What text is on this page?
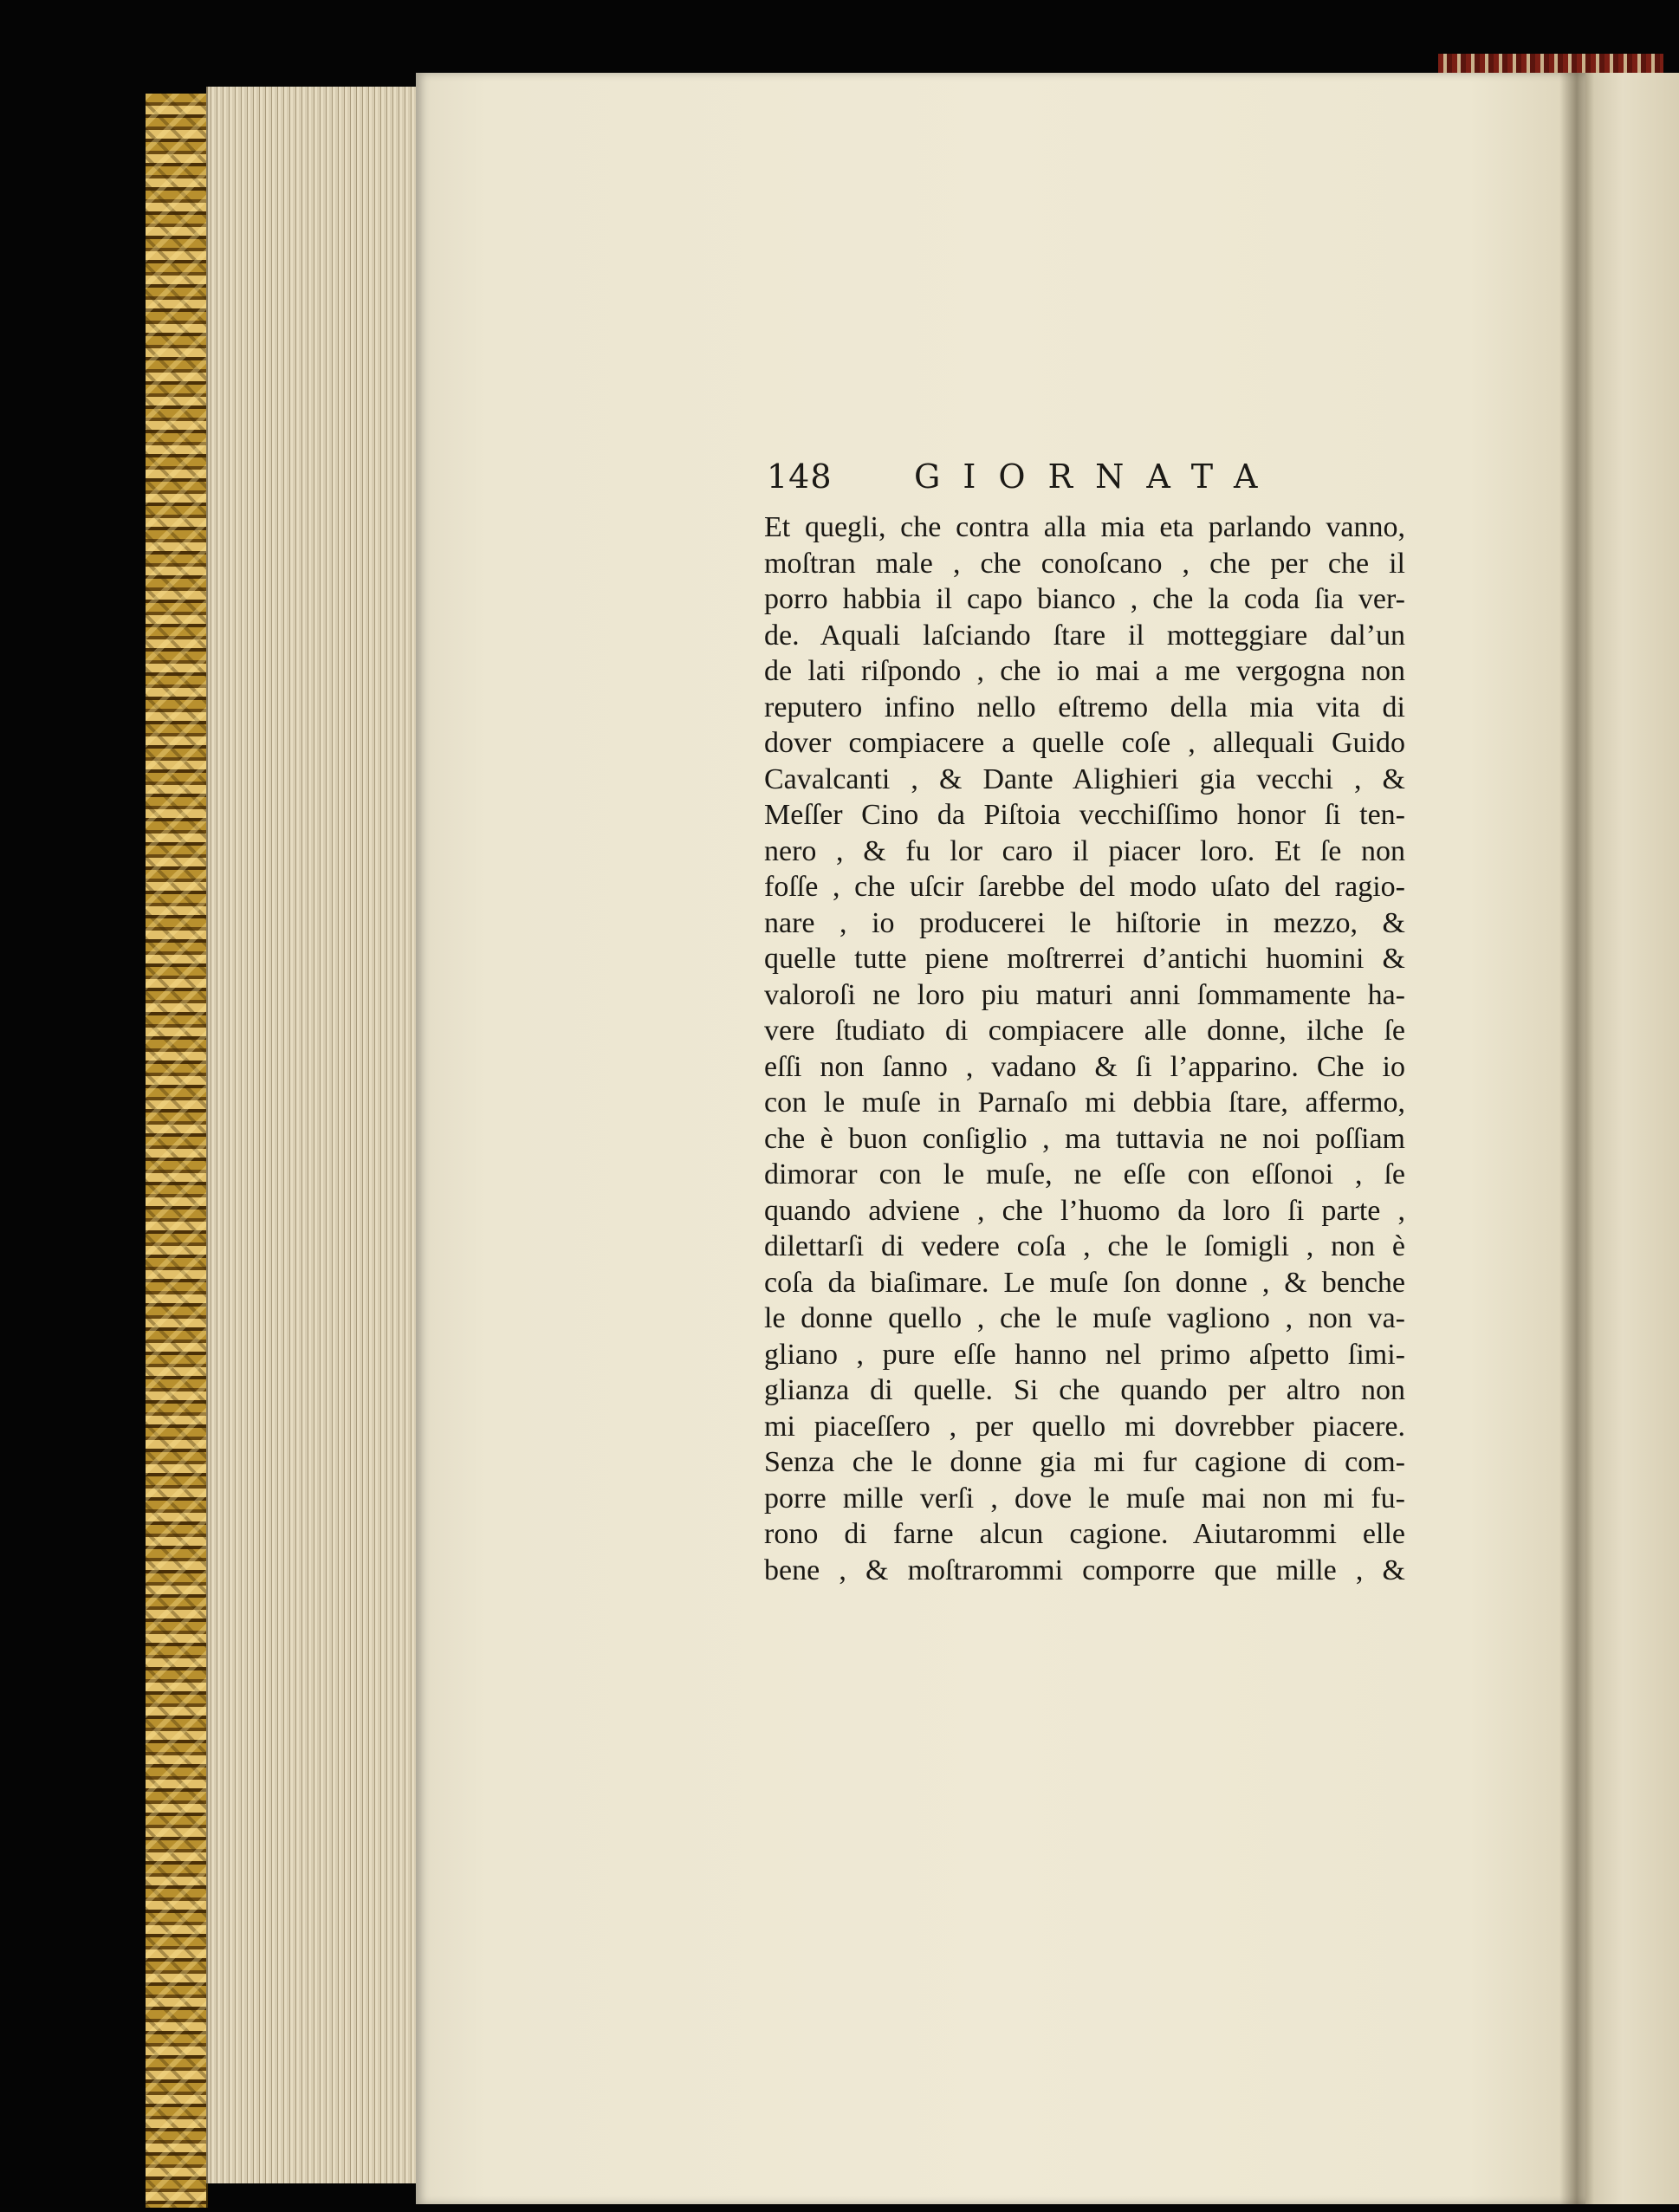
148 GIORNATA
Et quegli, che contra alla mia eta parlando vanno,
moſtran male , che conoſcano , che per che il
porro habbia il capo bianco , che la coda ſia ver-
de. Aquali laſciando ſtare il motteggiare dal’un
de lati riſpondo , che io mai a me vergogna non
reputero infino nello eſtremo della mia vita di
dover compiacere a quelle coſe , allequali Guido
Cavalcanti , & Dante Alighieri gia vecchi , &
Meſſer Cino da Piſtoia vecchiſſimo honor ſi ten-
nero , & fu lor caro il piacer loro. Et ſe non
foſſe , che uſcir ſarebbe del modo uſato del ragio-
nare , io producerei le hiſtorie in mezzo, &
quelle tutte piene moſtrerrei d’antichi huomini &
valoroſi ne loro piu maturi anni ſommamente ha-
vere ſtudiato di compiacere alle donne, ilche ſe
eſſi non ſanno , vadano & ſi l’apparino. Che io
con le muſe in Parnaſo mi debbia ſtare, affermo,
che è buon conſiglio , ma tuttavia ne noi poſſiam
dimorar con le muſe, ne eſſe con eſſonoi , ſe
quando adviene , che l’huomo da loro ſi parte ,
dilettarſi di vedere coſa , che le ſomigli , non è
coſa da biaſimare. Le muſe ſon donne , & benche
le donne quello , che le muſe vagliono , non va-
gliano , pure eſſe hanno nel primo aſpetto ſimi-
glianza di quelle. Si che quando per altro non
mi piaceſſero , per quello mi dovrebber piacere.
Senza che le donne gia mi fur cagione di com-
porre mille verſi , dove le muſe mai non mi fu-
rono di farne alcun cagione. Aiutarommi elle
bene , & moſtrarommi comporre que mille , &
